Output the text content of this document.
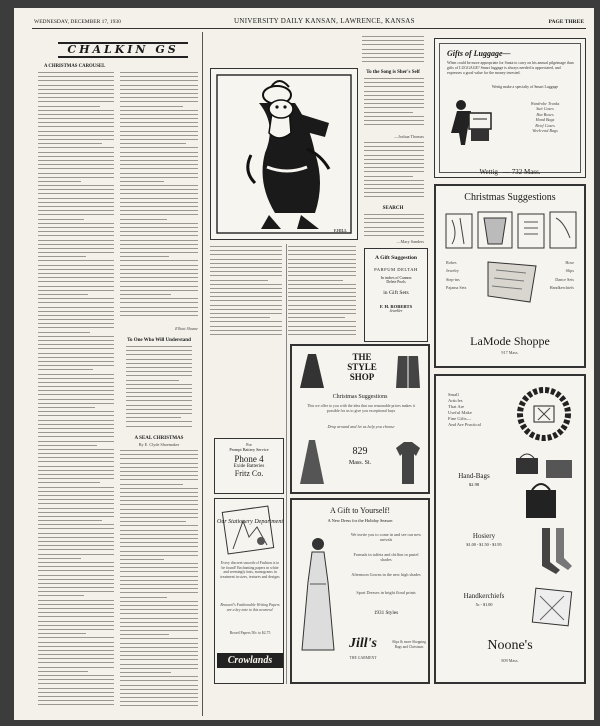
WEDNESDAY, DECEMBER 17, 1930	UNIVERSITY DAILY KANSAN, LAWRENCE, KANSAS	PAGE THREE
CHALKIN GS
A CHRISTMAS CAROUSEL
Elliott Sloane
To One Who Will Understand
A SEAL CHRISTMAS
By E. Clyde Shoemaker
F.HILL
To the Song is Sher's Self
—Joshua Thomas
SEARCH
—Mary Sanders
A Gift Suggestion
PARFUM DELTAH
In inches of Cannon
Delete Pools
in Gift Sets
F. H. ROBERTS
Jeweller
Gifts of Luggage—
When could be more appropriate for Santa to carry on his annual pilgrimage than gifts of LUGGAGE? Smart luggage is always needed is appreciated, and expresses a good value for the money invested.
Wettig make a specialty of Smart Luggage
Wardrobe Trunks
Suit Cases
Hat Boxes
Hand Bags
Brief Cases
Week-end Bags
Wettig — 732 Mass.
Christmas Suggestions
Robes
Jewelry
Step-ins
Pajama Sets
Hose
Slips
Dance Sets
Handkerchiefs
LaMode Shoppe
917 Mass.
THE
STYLE
SHOP
Christmas Suggestions
This we offer to you with the idea that our reasonable prices makes it possible for us to give you exceptional buys
Drop around and let us help you choose
829
Mass. St.
For
Prompt Battery Service
Phone 4
Exide Batteries
Fritz Co.
Our Stationery Department
Every discreet smooth of Fashion is to be found! Enchanting papers in white and seemingly tints, monograms in treatment in sizes, textures and designs
Brusseel's Fashionable Writing Papers are a key note to this newness!
Boxed Papers 50c to $2.75
Crowlands
A Gift to Yourself!
A New Dress for the Holiday Season
We invite you to come in and see our new arrivals
Formals in taffeta and chiffon in pastel shades
Afternoon Gowns in the new high shades
Sport Dresses in bright floral prints
1931 Styles
Jill's
THE GARMENT
Slips & more Shopping Bags and Christmas
Small
Articles
That Are
Useful Make
Fine Gifts—
And Are Practical
Hand-Bags
$2.98
Hosiery
$1.00 - $1.50 - $1.95
Handkerchiefs
5c - $1.00
Noone's
809 Mass.
